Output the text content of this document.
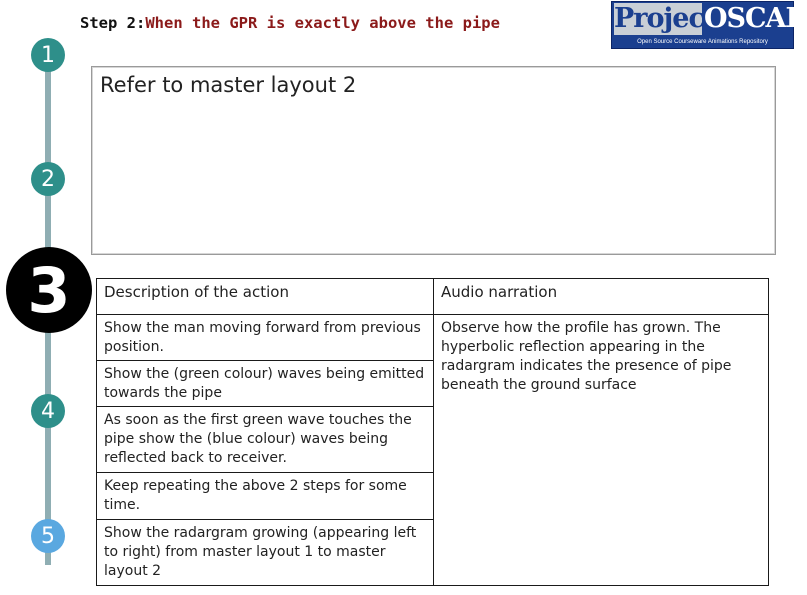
1
2
3
4
5
Step 2:When the GPR is exactly above the pipe	Project
OSCAR
Open Source Courseware Animations Repository
Refer to master layout 2
Description of the action	Audio narration
Show the man moving forward from previous position.
Show the (green colour) waves being emitted towards the pipe
As soon as the first green wave touches the pipe show the (blue colour) waves being reflected back to receiver.
Keep repeating the above 2 steps for some time.
Show the radargram growing (appearing left to right) from master layout 1 to master layout 2
Observe how the profile has grown. The hyperbolic reflection appearing in the radargram indicates the presence of pipe beneath the ground surface
